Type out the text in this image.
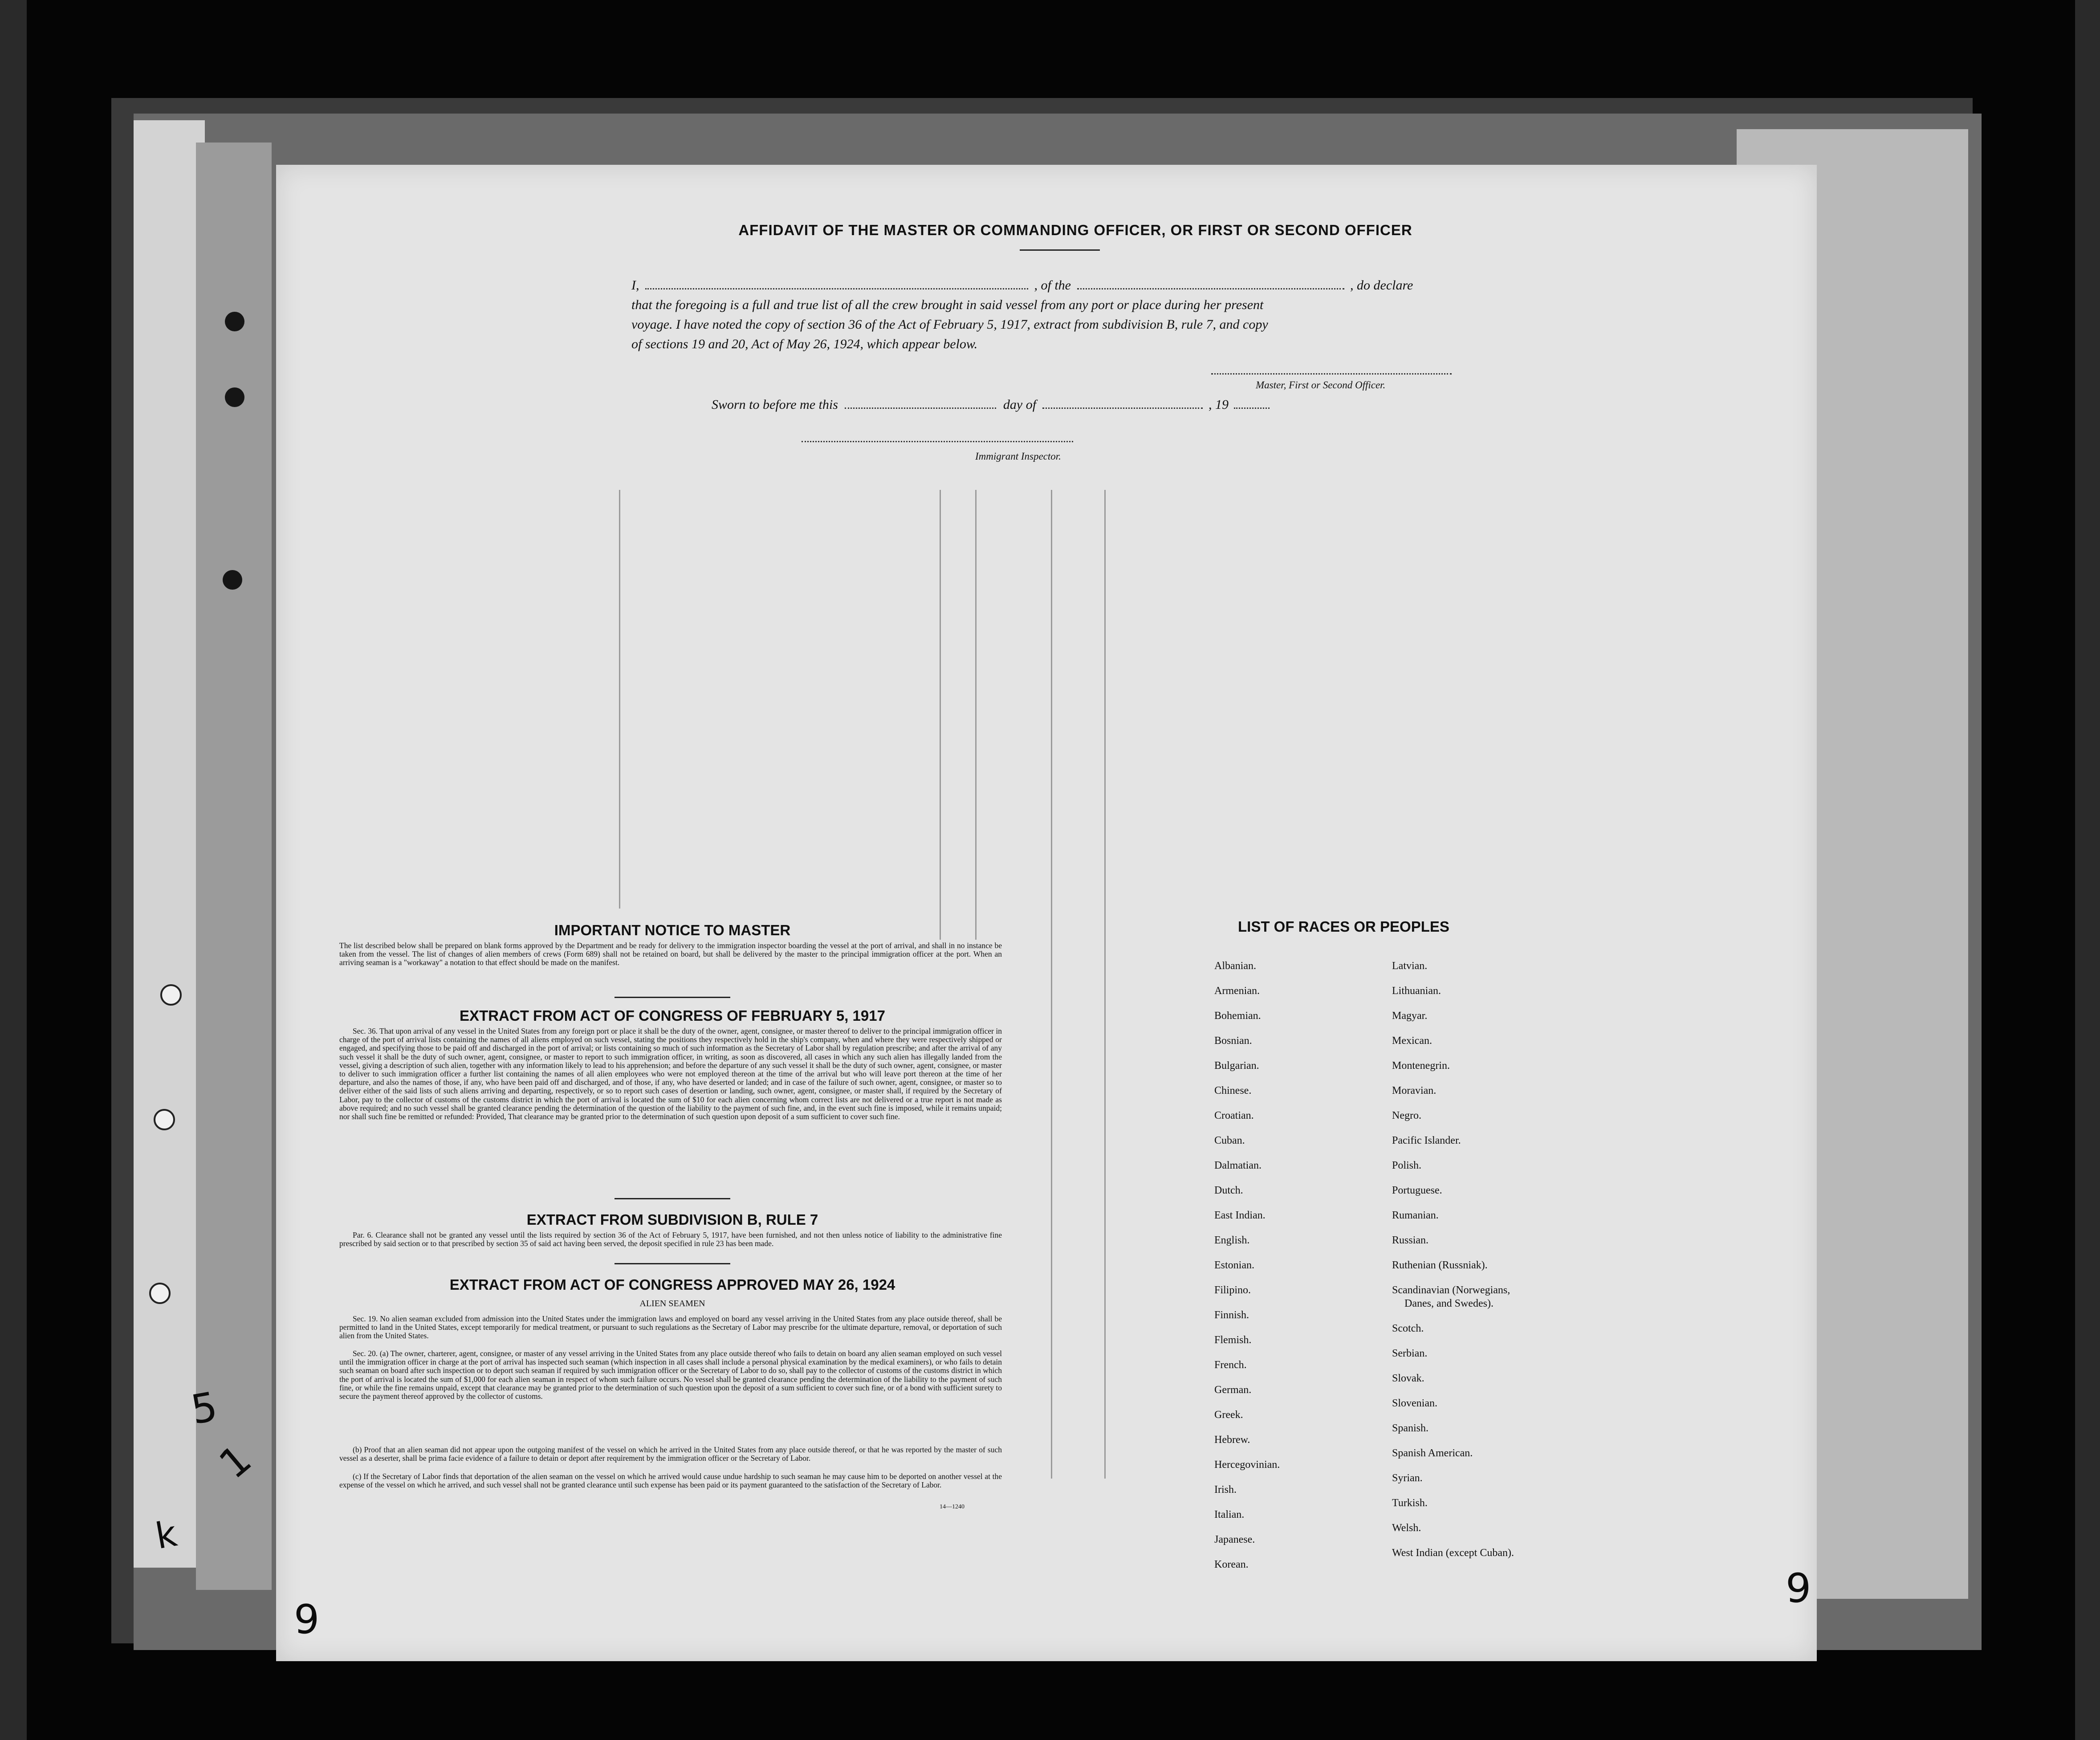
AFFIDAVIT OF THE MASTER OR COMMANDING OFFICER, OR FIRST OR SECOND OFFICER
I,	, of the	, do declare
that the foregoing is a full and true list of all the crew brought in said vessel from any port or place during her present
voyage. I have noted the copy of section 36 of the Act of February 5, 1917, extract from subdivision B, rule 7, and copy
of sections 19 and 20, Act of May 26, 1924, which appear below.
Master, First or Second Officer.
Sworn to before me this	day of	, 19
Immigrant Inspector.
IMPORTANT NOTICE TO MASTER
The list described below shall be prepared on blank forms approved by the Department and be ready for delivery to the immigration inspector boarding the vessel at the port of arrival, and shall in no instance be taken from the vessel. The list of changes of alien members of crews (Form 689) shall not be retained on board, but shall be delivered by the master to the principal immigration officer at the port. When an arriving seaman is a "workaway" a notation to that effect should be made on the manifest.
EXTRACT FROM ACT OF CONGRESS OF FEBRUARY 5, 1917
Sec. 36. That upon arrival of any vessel in the United States from any foreign port or place it shall be the duty of the owner, agent, consignee, or master thereof to deliver to the principal immigration officer in charge of the port of arrival lists containing the names of all aliens employed on such vessel, stating the positions they respectively hold in the ship's company, when and where they were respectively shipped or engaged, and specifying those to be paid off and discharged in the port of arrival; or lists containing so much of such information as the Secretary of Labor shall by regulation prescribe; and after the arrival of any such vessel it shall be the duty of such owner, agent, consignee, or master to report to such immigration officer, in writing, as soon as discovered, all cases in which any such alien has illegally landed from the vessel, giving a description of such alien, together with any information likely to lead to his apprehension; and before the departure of any such vessel it shall be the duty of such owner, agent, consignee, or master to deliver to such immigration officer a further list containing the names of all alien employees who were not employed thereon at the time of the arrival but who will leave port thereon at the time of her departure, and also the names of those, if any, who have been paid off and discharged, and of those, if any, who have deserted or landed; and in case of the failure of such owner, agent, consignee, or master so to deliver either of the said lists of such aliens arriving and departing, respectively, or so to report such cases of desertion or landing, such owner, agent, consignee, or master shall, if required by the Secretary of Labor, pay to the collector of customs of the customs district in which the port of arrival is located the sum of $10 for each alien concerning whom correct lists are not delivered or a true report is not made as above required; and no such vessel shall be granted clearance pending the determination of the question of the liability to the payment of such fine, and, in the event such fine is imposed, while it remains unpaid; nor shall such fine be remitted or refunded: Provided, That clearance may be granted prior to the determination of such question upon deposit of a sum sufficient to cover such fine.
EXTRACT FROM SUBDIVISION B, RULE 7
Par. 6. Clearance shall not be granted any vessel until the lists required by section 36 of the Act of February 5, 1917, have been furnished, and not then unless notice of liability to the administrative fine prescribed by said section or to that prescribed by section 35 of said act having been served, the deposit specified in rule 23 has been made.
EXTRACT FROM ACT OF CONGRESS APPROVED MAY 26, 1924
ALIEN SEAMEN
Sec. 19. No alien seaman excluded from admission into the United States under the immigration laws and employed on board any vessel arriving in the United States from any place outside thereof, shall be permitted to land in the United States, except temporarily for medical treatment, or pursuant to such regulations as the Secretary of Labor may prescribe for the ultimate departure, removal, or deportation of such alien from the United States.
Sec. 20. (a) The owner, charterer, agent, consignee, or master of any vessel arriving in the United States from any place outside thereof who fails to detain on board any alien seaman employed on such vessel until the immigration officer in charge at the port of arrival has inspected such seaman (which inspection in all cases shall include a personal physical examination by the medical examiners), or who fails to detain such seaman on board after such inspection or to deport such seaman if required by such immigration officer or the Secretary of Labor to do so, shall pay to the collector of customs of the customs district in which the port of arrival is located the sum of $1,000 for each alien seaman in respect of whom such failure occurs. No vessel shall be granted clearance pending the determination of the liability to the payment of such fine, or while the fine remains unpaid, except that clearance may be granted prior to the determination of such question upon the deposit of a sum sufficient to cover such fine, or of a bond with sufficient surety to secure the payment thereof approved by the collector of customs.
(b) Proof that an alien seaman did not appear upon the outgoing manifest of the vessel on which he arrived in the United States from any place outside thereof, or that he was reported by the master of such vessel as a deserter, shall be prima facie evidence of a failure to detain or deport after requirement by the immigration officer or the Secretary of Labor.
(c) If the Secretary of Labor finds that deportation of the alien seaman on the vessel on which he arrived would cause undue hardship to such seaman he may cause him to be deported on another vessel at the expense of the vessel on which he arrived, and such vessel shall not be granted clearance until such expense has been paid or its payment guaranteed to the satisfaction of the Secretary of Labor.
14—1240
LIST OF RACES OR PEOPLES
Albanian.
Armenian.
Bohemian.
Bosnian.
Bulgarian.
Chinese.
Croatian.
Cuban.
Dalmatian.
Dutch.
East Indian.
English.
Estonian.
Filipino.
Finnish.
Flemish.
French.
German.
Greek.
Hebrew.
Hercegovinian.
Irish.
Italian.
Japanese.
Korean.
Latvian.
Lithuanian.
Magyar.
Mexican.
Montenegrin.
Moravian.
Negro.
Pacific Islander.
Polish.
Portuguese.
Rumanian.
Russian.
Ruthenian (Russniak).
Scandinavian (Norwegians,
Danes, and Swedes).
Scotch.
Serbian.
Slovak.
Slovenian.
Spanish.
Spanish American.
Syrian.
Turkish.
Welsh.
West Indian (except Cuban).
5
1
k
6
6
